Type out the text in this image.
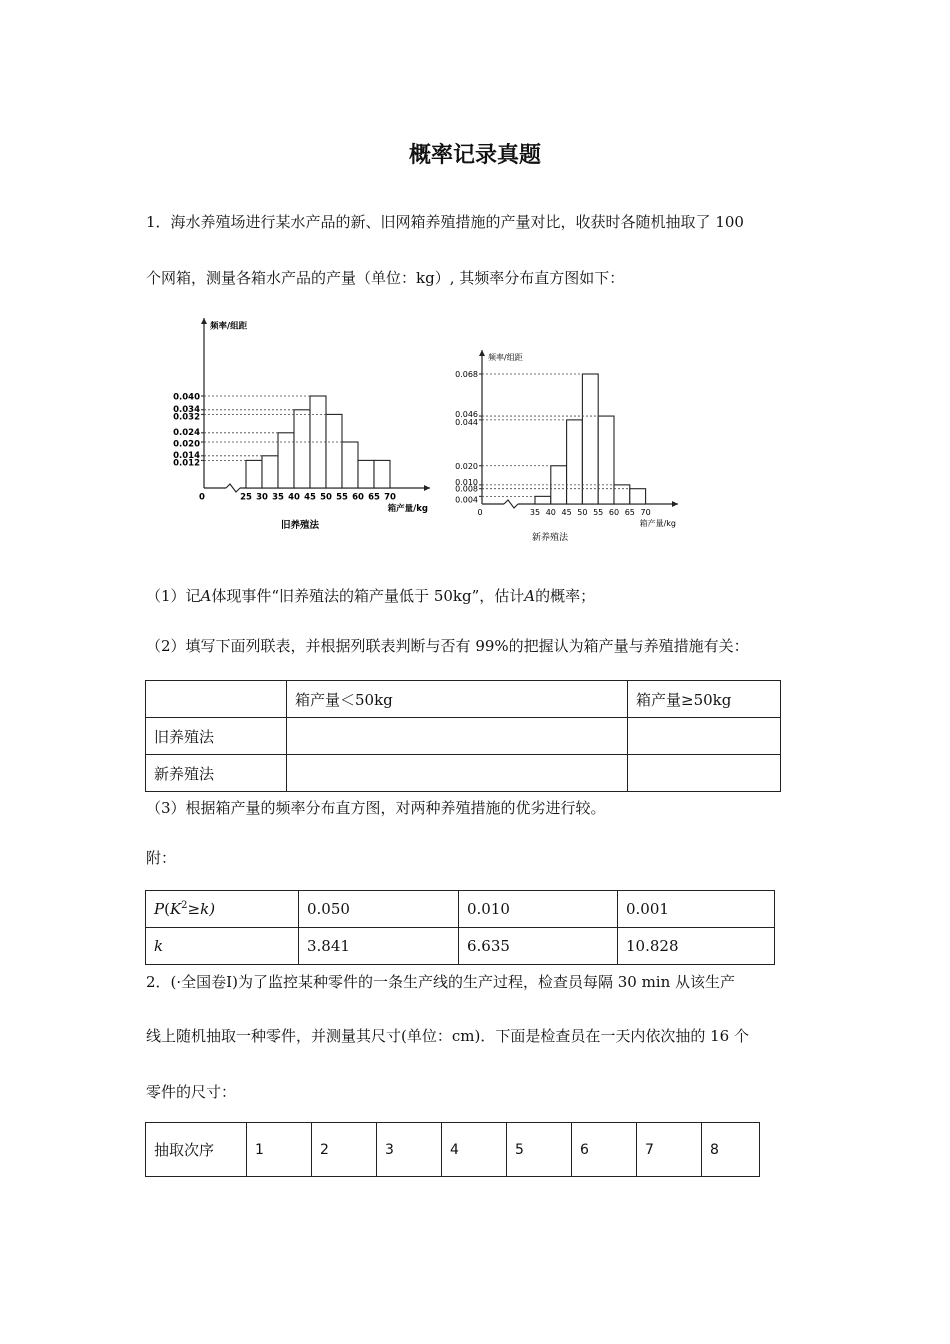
概率记录真题
1．海水养殖场进行某水产品的新、旧网箱养殖措施的产量对比，收获时各随机抽取了 100
个网箱，测量各箱水产品的产量（单位：kg）, 其频率分布直方图如下：
0
频率/组距
0.040
0.034
0.032
0.024
0.020
0.014
0.012
25 30 35 40 45 50 55 60 65 70
箱产量/kg
旧养殖法
0
频率/组距
0.068
0.046
0.044
0.020
0.010
0.008
0.004
35 40 45 50 55 60 65 70
箱产量/kg
新养殖法
（1）记A体现事件“旧养殖法的箱产量低于 50kg”，估计A的概率；
（2）填写下面列联表，并根据列联表判断与否有 99%的把握认为箱产量与养殖措施有关：
	箱产量＜50kg	箱产量≥50kg
旧养殖法		
新养殖法		
（3）根据箱产量的频率分布直方图，对两种养殖措施的优劣进行较。
附：
$P(K^2\ge k)$	0.050	0.010	0.001
k	3.841	6.635	10.828
2．(·全国卷Ⅰ)为了监控某种零件的一条生产线的生产过程，检查员每隔 30 min 从该生产
线上随机抽取一种零件，并测量其尺寸(单位：cm)．下面是检查员在一天内依次抽的 16 个
零件的尺寸：
抽取次序	1	2	3	4	5	6	7	8
